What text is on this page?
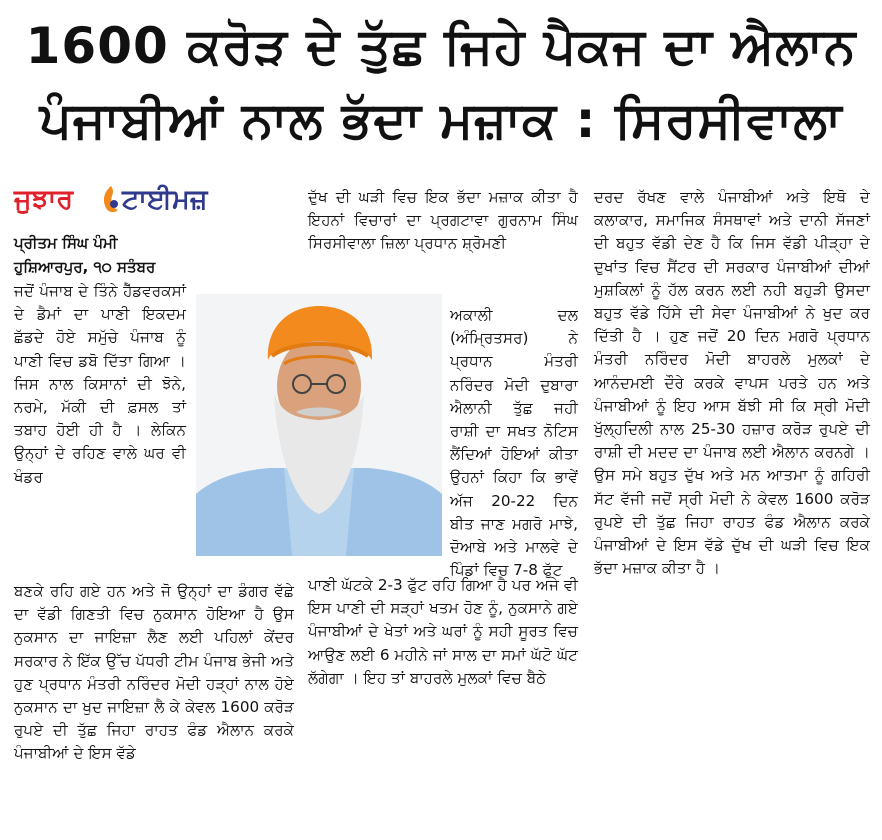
1600 ਕਰੋੜ ਦੇ ਤੁੱਛ ਜਿਹੇ ਪੈਕਜ ਦਾ ਐਲਾਨ
ਪੰਜਾਬੀਆਂ ਨਾਲ ਭੱਦਾ ਮਜ਼ਾਕ : ਸਿਰਸੀਵਾਲਾ
ਜੁਝਾਰ ਟਾਈਮਜ਼
ਪ੍ਰੀਤਮ ਸਿੰਘ ਪੰਮੀ
ਹੁਸ਼ਿਆਰਪੁਰ, ੧੦ ਸਤੰਬਰ

ਜਦੋਂ ਪੰਜਾਬ ਦੇ ਤਿੰਨੇ ਹੈੱਡਵਰਕਸਾਂ ਦੇ ਡੈਮਾਂ ਦਾ ਪਾਣੀ ਇਕਦਮ ਛੱਡਦੇ ਹੋਏ ਸਮੁੱਚੇ ਪੰਜਾਬ ਨੂੰ ਪਾਣੀ ਵਿਚ ਡਬੋ ਦਿੱਤਾ ਗਿਆ । ਜਿਸ ਨਾਲ ਕਿਸਾਨਾਂ ਦੀ ਝੋਨੇ, ਨਰਮੇ, ਮੱਕੀ ਦੀ ਫ਼ਸਲ ਤਾਂ ਤਬਾਹ ਹੋਈ ਹੀ ਹੈ । ਲੇਕਿਨ ਉਨ੍ਹਾਂ ਦੇ ਰਹਿਣ ਵਾਲੇ ਘਰ ਵੀ ਖੰਡਰ

ਬਣਕੇ ਰਹਿ ਗਏ ਹਨ ਅਤੇ ਜੋ ਉਨ੍ਹਾਂ ਦਾ ਡੰਗਰ ਵੱਛੇ ਦਾ ਵੱਡੀ ਗਿਣਤੀ ਵਿਚ ਨੁਕਸਾਨ ਹੋਇਆ ਹੈ ਉਸ ਨੁਕਸਾਨ ਦਾ ਜਾਇਜ਼ਾ ਲੈਣ ਲਈ ਪਹਿਲਾਂ ਕੇਂਦਰ ਸਰਕਾਰ ਨੇ ਇੱਕ ਉੱਚ ਪੱਧਰੀ ਟੀਮ ਪੰਜਾਬ ਭੇਜੀ ਅਤੇ ਹੁਣ ਪ੍ਰਧਾਨ ਮੰਤਰੀ ਨਰਿੰਦਰ ਮੋਦੀ ਹੜ੍ਹਾਂ ਨਾਲ ਹੋਏ ਨੁਕਸਾਨ ਦਾ ਖੁਦ ਜਾਇਜ਼ਾ ਲੈ ਕੇ ਕੇਵਲ 1600 ਕਰੋੜ ਰੁਪਏ ਦੀ ਤੁੱਛ ਜਿਹਾ ਰਾਹਤ ਫੰਡ ਐਲਾਨ ਕਰਕੇ ਪੰਜਾਬੀਆਂ ਦੇ ਇਸ ਵੱਡੇ

ਦੁੱਖ ਦੀ ਘੜੀ ਵਿਚ ਇਕ ਭੱਦਾ ਮਜ਼ਾਕ ਕੀਤਾ ਹੈ ਇਹਨਾਂ ਵਿਚਾਰਾਂ ਦਾ ਪ੍ਰਗਟਾਵਾ ਗੁਰਨਾਮ ਸਿੰਘ ਸਿਰਸੀਵਾਲਾ ਜ਼ਿਲਾ ਪ੍ਰਧਾਨ ਸ਼੍ਰੋਮਣੀ

ਅਕਾਲੀ ਦਲ (ਅੰਮ੍ਰਿਤਸਰ) ਨੇ ਪ੍ਰਧਾਨ ਮੰਤਰੀ ਨਰਿੰਦਰ ਮੋਦੀ ਦੁਬਾਰਾ ਐਲਾਨੀ ਤੁੱਛ ਜਹੀ ਰਾਸ਼ੀ ਦਾ ਸਖਤ ਨੋਟਿਸ ਲੈਂਦਿਆਂ ਹੋਇਆਂ ਕੀਤਾ ਉਹਨਾਂ ਕਿਹਾ ਕਿ ਭਾਵੇਂ ਅੱਜ 20-22 ਦਿਨ ਬੀਤ ਜਾਣ ਮਗਰੋ ਮਾਝੇ, ਦੋਆਬੇ ਅਤੇ ਮਾਲਵੇ ਦੇ ਪਿੰਡਾਂ ਵਿਚ 7-8 ਫੁੱਟ

ਪਾਣੀ ਘੱਟਕੇ 2-3 ਫੁੱਟ ਰਹਿ ਗਿਆ ਹੈ ਪਰ ਅਜੇ ਵੀ ਇਸ ਪਾਣੀ ਦੀ ਸੜ੍ਹਾਂ ਖਤਮ ਹੋਣ ਨੂੰ, ਨੁਕਸਾਨੇ ਗਏ ਪੰਜਾਬੀਆਂ ਦੇ ਖੇਤਾਂ ਅਤੇ ਘਰਾਂ ਨੂੰ ਸਹੀ ਸੂਰਤ ਵਿਚ ਆਉਣ ਲਈ 6 ਮਹੀਨੇ ਜਾਂ ਸਾਲ ਦਾ ਸਮਾਂ ਘੱਟੋ ਘੱਟ ਲੱਗੇਗਾ । ਇਹ ਤਾਂ ਬਾਹਰਲੇ ਮੁਲਕਾਂ ਵਿਚ ਬੈਠੇ

ਦਰਦ ਰੱਖਣ ਵਾਲੇ ਪੰਜਾਬੀਆਂ ਅਤੇ ਇਥੋ ਦੇ ਕਲਾਕਾਰ, ਸਮਾਜਿਕ ਸੰਸਥਾਵਾਂ ਅਤੇ ਦਾਨੀ ਸੱਜਣਾਂ ਦੀ ਬਹੁਤ ਵੱਡੀ ਦੇਣ ਹੈ ਕਿ ਜਿਸ ਵੱਡੀ ਪੀੜ੍ਹਾ ਦੇ ਦੁਖਾਂਤ ਵਿਚ ਸੈਂਟਰ ਦੀ ਸਰਕਾਰ ਪੰਜਾਬੀਆਂ ਦੀਆਂ ਮੁਸ਼ਕਿਲਾਂ ਨੂੰ ਹੱਲ ਕਰਨ ਲਈ ਨਹੀ ਬਹੁੜੀ ਉਸਦਾ ਬਹੁਤ ਵੱਡੇ ਹਿੱਸੇ ਦੀ ਸੇਵਾ ਪੰਜਾਬੀਆਂ ਨੇ ਖੁਦ ਕਰ ਦਿੱਤੀ ਹੈ । ਹੁਣ ਜਦੋਂ 20 ਦਿਨ ਮਗਰੋ ਪ੍ਰਧਾਨ ਮੰਤਰੀ ਨਰਿੰਦਰ ਮੋਦੀ ਬਾਹਰਲੇ ਮੁਲਕਾਂ ਦੇ ਆਨੰਦਮਈ ਦੌਰੇ ਕਰਕੇ ਵਾਪਸ ਪਰਤੇ ਹਨ ਅਤੇ ਪੰਜਾਬੀਆਂ ਨੂੰ ਇਹ ਆਸ ਬੱਝੀ ਸੀ ਕਿ ਸ੍ਰੀ ਮੋਦੀ ਖੁੱਲ੍ਹਦਿਲੀ ਨਾਲ 25-30 ਹਜ਼ਾਰ ਕਰੋੜ ਰੁਪਏ ਦੀ ਰਾਸ਼ੀ ਦੀ ਮਦਦ ਦਾ ਪੰਜਾਬ ਲਈ ਐਲਾਨ ਕਰਨਗੇ । ਉਸ ਸਮੇ ਬਹੁਤ ਦੁੱਖ ਅਤੇ ਮਨ ਆਤਮਾ ਨੂੰ ਗਹਿਰੀ ਸੱਟ ਵੱਜੀ ਜਦੋਂ ਸ੍ਰੀ ਮੋਦੀ ਨੇ ਕੇਵਲ 1600 ਕਰੋੜ ਰੁਪਏ ਦੀ ਤੁੱਛ ਜਿਹਾ ਰਾਹਤ ਫੰਡ ਐਲਾਨ ਕਰਕੇ ਪੰਜਾਬੀਆਂ ਦੇ ਇਸ ਵੱਡੇ ਦੁੱਖ ਦੀ ਘੜੀ ਵਿਚ ਇਕ ਭੱਦਾ ਮਜ਼ਾਕ ਕੀਤਾ ਹੈ ।
